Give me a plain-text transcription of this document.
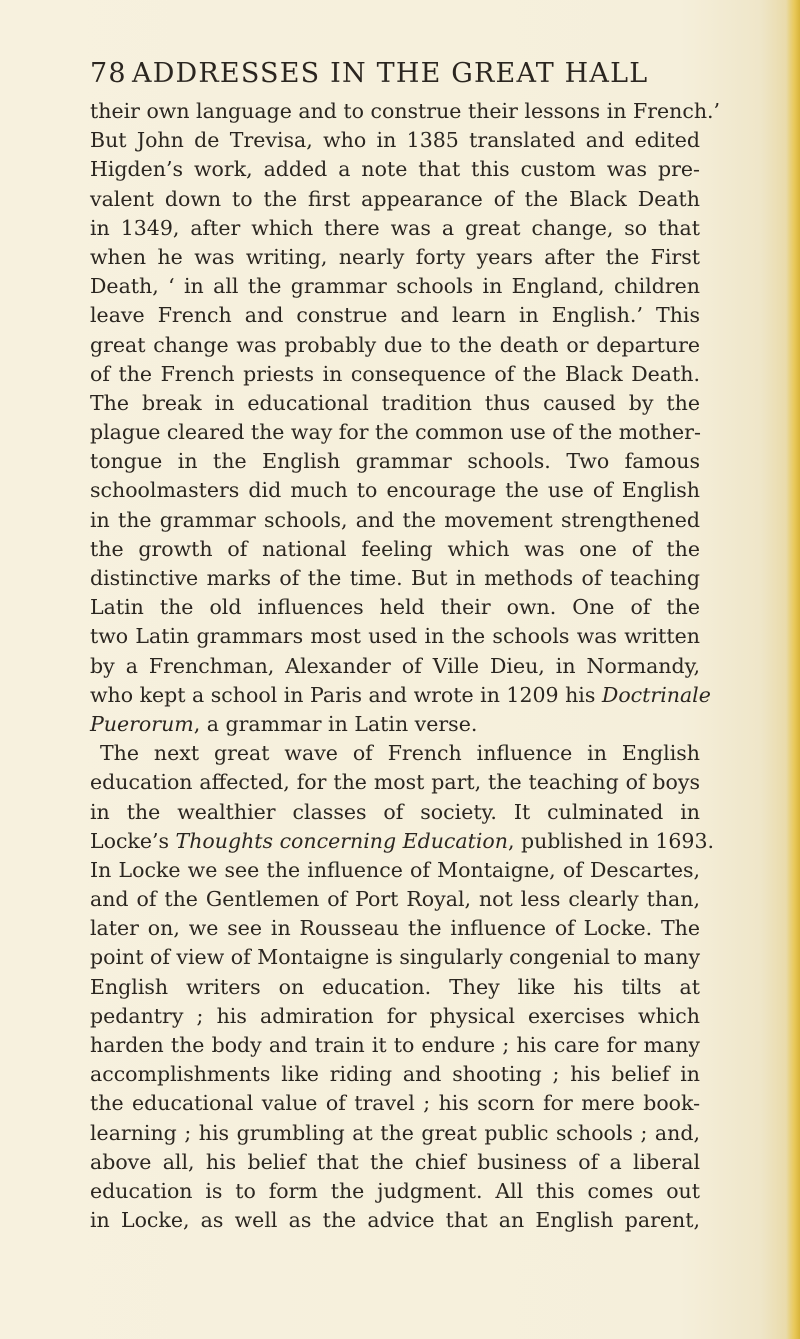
78 ADDRESSES IN THE GREAT HALL
their own language and to construe their lessons in French.’
But John de Trevisa, who in 1385 translated and edited
Higden’s work, added a note that this custom was pre-
valent down to the first appearance of the Black Death
in 1349, after which there was a great change, so that
when he was writing, nearly forty years after the First
Death, ‘ in all the grammar schools in England, children
leave French and construe and learn in English.’ This
great change was probably due to the death or departure
of the French priests in consequence of the Black Death.
The break in educational tradition thus caused by the
plague cleared the way for the common use of the mother-
tongue in the English grammar schools. Two famous
schoolmasters did much to encourage the use of English
in the grammar schools, and the movement strengthened
the growth of national feeling which was one of the
distinctive marks of the time. But in methods of teaching
Latin the old influences held their own. One of the
two Latin grammars most used in the schools was written
by a Frenchman, Alexander of Ville Dieu, in Normandy,
who kept a school in Paris and wrote in 1209 his Doctrinale
Puerorum, a grammar in Latin verse.
The next great wave of French influence in English
education affected, for the most part, the teaching of boys
in the wealthier classes of society. It culminated in
Locke’s Thoughts concerning Education, published in 1693.
In Locke we see the influence of Montaigne, of Descartes,
and of the Gentlemen of Port Royal, not less clearly than,
later on, we see in Rousseau the influence of Locke. The
point of view of Montaigne is singularly congenial to many
English writers on education. They like his tilts at
pedantry ; his admiration for physical exercises which
harden the body and train it to endure ; his care for many
accomplishments like riding and shooting ; his belief in
the educational value of travel ; his scorn for mere book-
learning ; his grumbling at the great public schools ; and,
above all, his belief that the chief business of a liberal
education is to form the judgment. All this comes out
in Locke, as well as the advice that an English parent,
